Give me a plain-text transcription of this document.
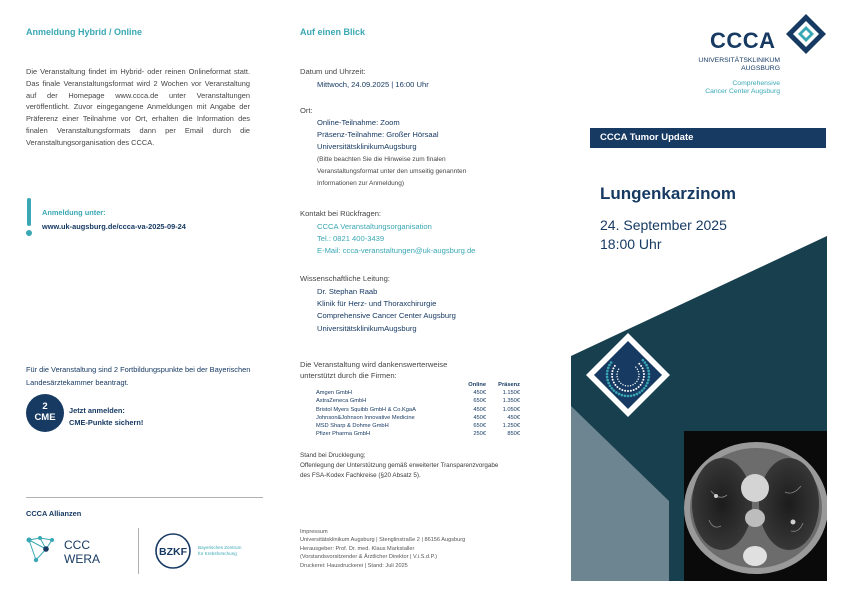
Anmeldung Hybrid / Online

Die Veranstaltung findet im Hybrid- oder reinen Onlineformat statt. Das finale Veranstaltungsformat wird 2 Wochen vor Veranstaltung auf der Homepage www.ccca.de unter Veranstaltungen veröffentlicht. Zuvor eingegangene Anmeldungen mit Angabe der Präferenz einer Teilnahme vor Ort, erhalten die Information des finalen Veranstaltungsformats dann per Email durch die Veranstaltungsorganisation des CCCA.

Anmeldung unter:
www.uk-augsburg.de/ccca-va-2025-09-24

Für die Veranstaltung sind 2 Fortbildungspunkte bei der Bayerischen Landesärztekammer beantragt.

2
CME
Jetzt anmelden:
CME-Punkte sichern!
CCCA Allianzen
CCC
WERA	BZKF Bayerisches Zentrum
für Krebsforschung
Auf einen Blick
Datum und Uhrzeit:
Mittwoch, 24.09.2025 | 16:00 Uhr
Ort:
Online-Teilnahme: Zoom
Präsenz-Teilnahme: Großer Hörsaal
UniversitätsklinikumAugsburg
(Bitte beachten Sie die Hinweise zum finalen
Veranstaltungsformat unter den umseitig genannten
Informationen zur Anmeldung)
Kontakt bei Rückfragen:
CCCA Veranstaltungsorganisation
Tel.: 0821 400-3439
E-Mail: ccca-veranstaltungen@uk-augsburg.de
Wissenschaftliche Leitung:
Dr. Stephan Raab
Klinik für Herz- und Thoraxchirurgie
Comprehensive Cancer Center Augsburg
UniversitätsklinikumAugsburg
Die Veranstaltung wird dankenswerterweise
unterstützt durch die Firmen:
	Online	Präsenz
Amgen GmbH	450€	1.150€
AstraZeneca GmbH	650€	1.350€
Bristol Myers Squibb GmbH & Co.KgaA	450€	1.050€
Johnson&Johnson Innovative Medicine	450€	450€
MSD Sharp & Dohme GmbH	650€	1.250€
Pfizer Pharma GmbH	250€	850€
Stand bei Drucklegung;
Offenlegung der Unterstützung gemäß erweiterter Transparenzvorgabe
des FSA-Kodex Fachkreise (§20 Absatz 5).
Impressum
Universitätsklinikum Augsburg | Stenglinstraße 2 | 86156 Augsburg
Herausgeber: Prof. Dr. med. Klaus Markstaller
(Vorstandsvorsitzender & Ärztlicher Direktor | V.i.S.d.P.)
Druckerei: Hausdruckerei | Stand: Juli 2025
CCCA
UNIVERSITÄTSKLINIKUM
AUGSBURG
Comprehensive
Cancer Center Augsburg
CCCA Tumor Update
Lungenkarzinom
24. September 2025
18:00 Uhr
